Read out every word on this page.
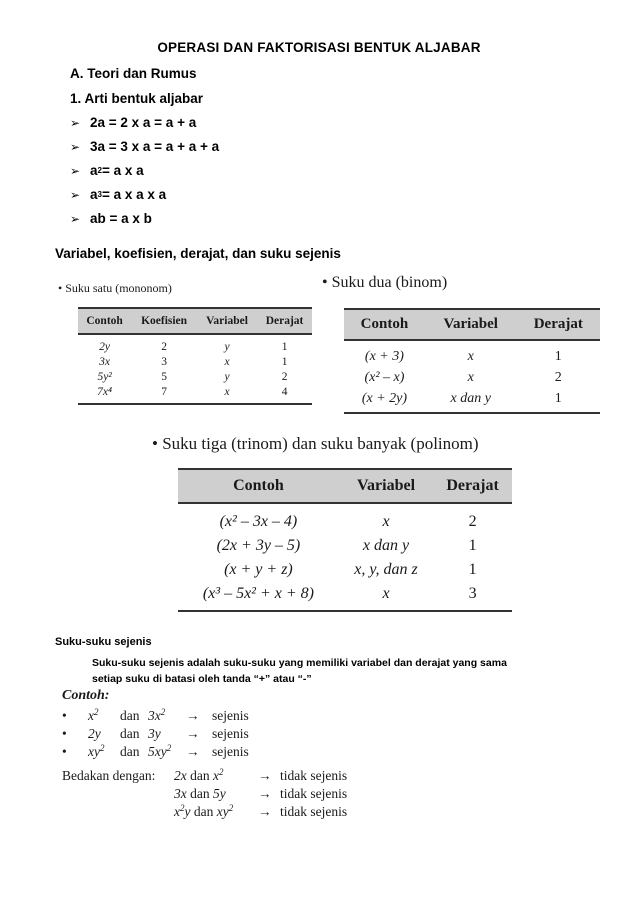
OPERASI DAN FAKTORISASI BENTUK ALJABAR
A. Teori dan Rumus
1. Arti bentuk aljabar
➢ 2a = 2 x a = a + a
➢ 3a = 3 x a = a + a + a
➢ $a^2 = a$ x a
➢ $a^3 = a$ x a x a
➢ ab = a x b
Variabel, koefisien, derajat, dan suku sejenis
• Suku satu (mononom)
Contoh	Koefisien	Variabel	Derajat
2y	2	y	1
3x	3	x	1
5y²	5	y	2
7x⁴	7	x	4
• Suku dua (binom)
Contoh	Variabel	Derajat
(x + 3)	x	1
(x² – x)	x	2
(x + 2y)	x dan y	1
• Suku tiga (trinom) dan suku banyak (polinom)
Contoh	Variabel	Derajat
(x² – 3x – 4)	x	2
(2x + 3y – 5)	x dan y	1
(x + y + z)	x, y, dan z	1
(x³ – 5x² + x + 8)	x	3
Suku-suku sejenis
Suku-suku sejenis adalah suku-suku yang memiliki variabel dan derajat yang sama
setiap suku di batasi oleh tanda “+” atau “-”
Contoh:
• $x^2$ dan $3x^2$ → sejenis
• 2y dan 3y → sejenis
• $xy^2$ dan $5xy^2$ → sejenis
Bedakan dengan: 2x dan $x^2$	→ tidak sejenis
3x dan 5y → tidak sejenis
$x^2y$ dan $xy^2$ → tidak sejenis
